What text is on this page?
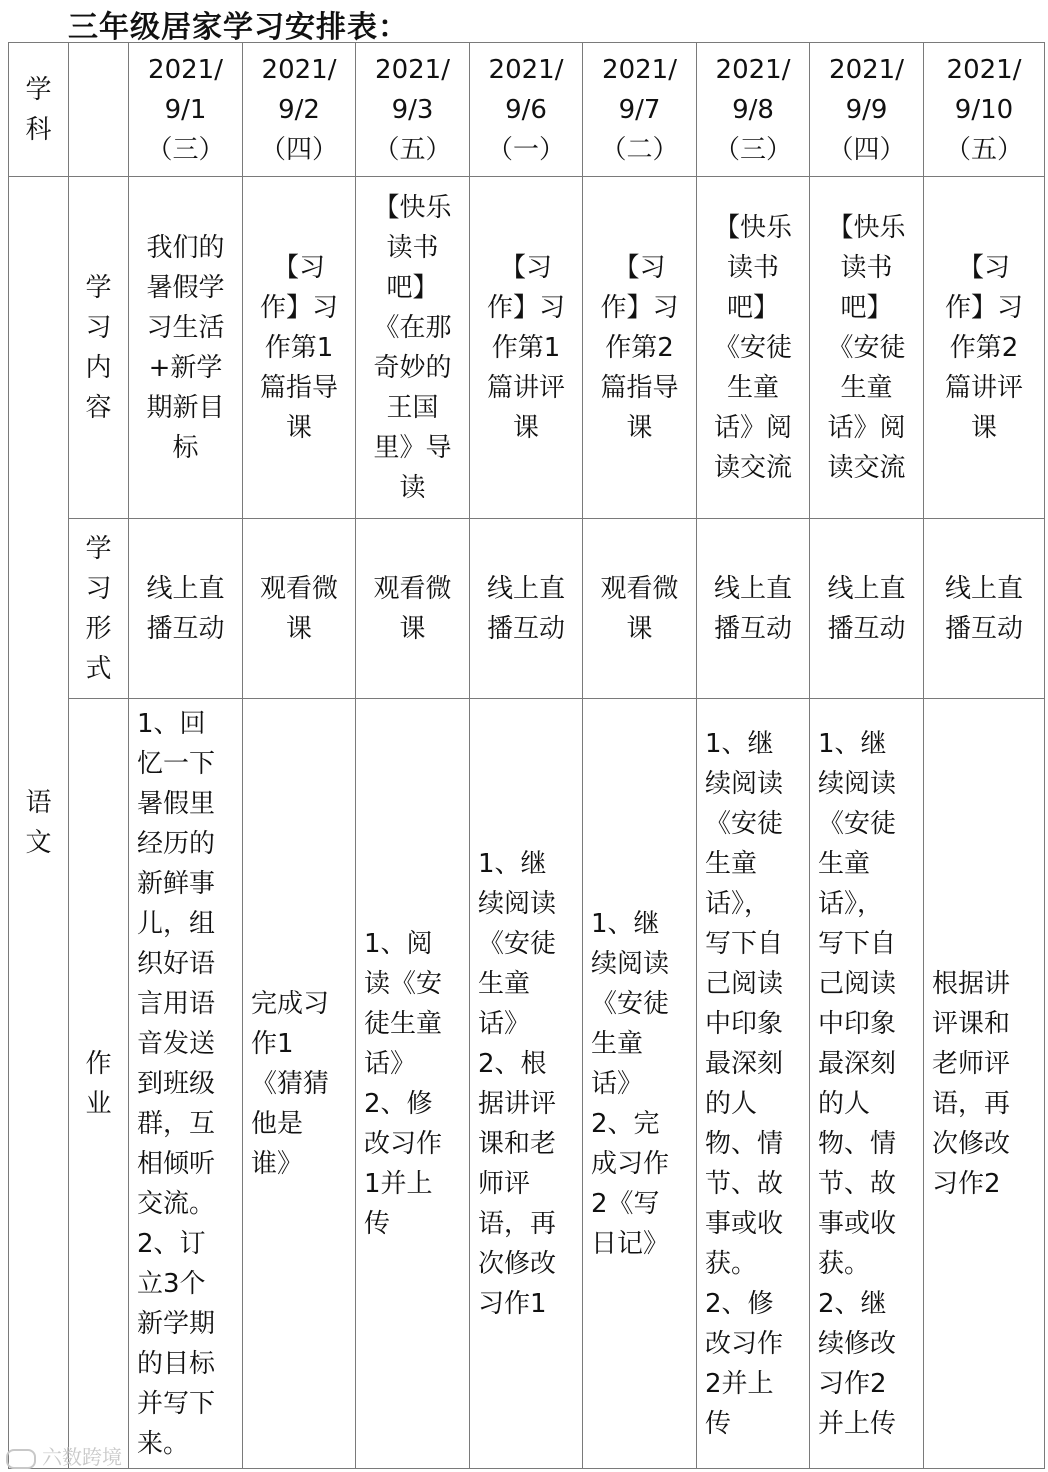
三年级居家学习安排表：
学科		2021/9/1（三）	2021/9/2（四）	2021/9/3（五）	2021/9/6（一）	2021/9/7（二）	2021/9/8（三）	2021/9/9（四）	2021/9/10（五）
语文	学习内容	我们的暑假学习生活+新学期新目标	【习作】习作第1篇指导课	【快乐读书吧】《在那奇妙的王国里》导读	【习作】习作第1篇讲评课	【习作】习作第2篇指导课	【快乐读书吧】《安徒生童话》阅读交流	【快乐读书吧】《安徒生童话》阅读交流	【习作】习作第2篇讲评课
	学习形式	线上直播互动	观看微课	观看微课	线上直播互动	观看微课	线上直播互动	线上直播互动	线上直播互动
	作业	1、回忆一下暑假里经历的新鲜事儿，组织好语言用语音发送到班级群，互相倾听交流。2、订立3个新学期的目标并写下来。	完成习作1《猜猜他是谁》	1、阅读《安徒生童话》2、修改习作1并上传	1、继续阅读《安徒生童话》2、根据讲评课和老师评语，再次修改习作1	1、继续阅读《安徒生童话》2、完成习作2《写日记》	1、继续阅读《安徒生童话》，写下自己阅读中印象最深刻的人物、情节、故事或收获。2、修改习作2并上传	1、继续阅读《安徒生童话》，写下自己阅读中印象最深刻的人物、情节、故事或收获。2、继续修改习作2并上传	根据讲评课和老师评语，再次修改习作2
六数跨境
